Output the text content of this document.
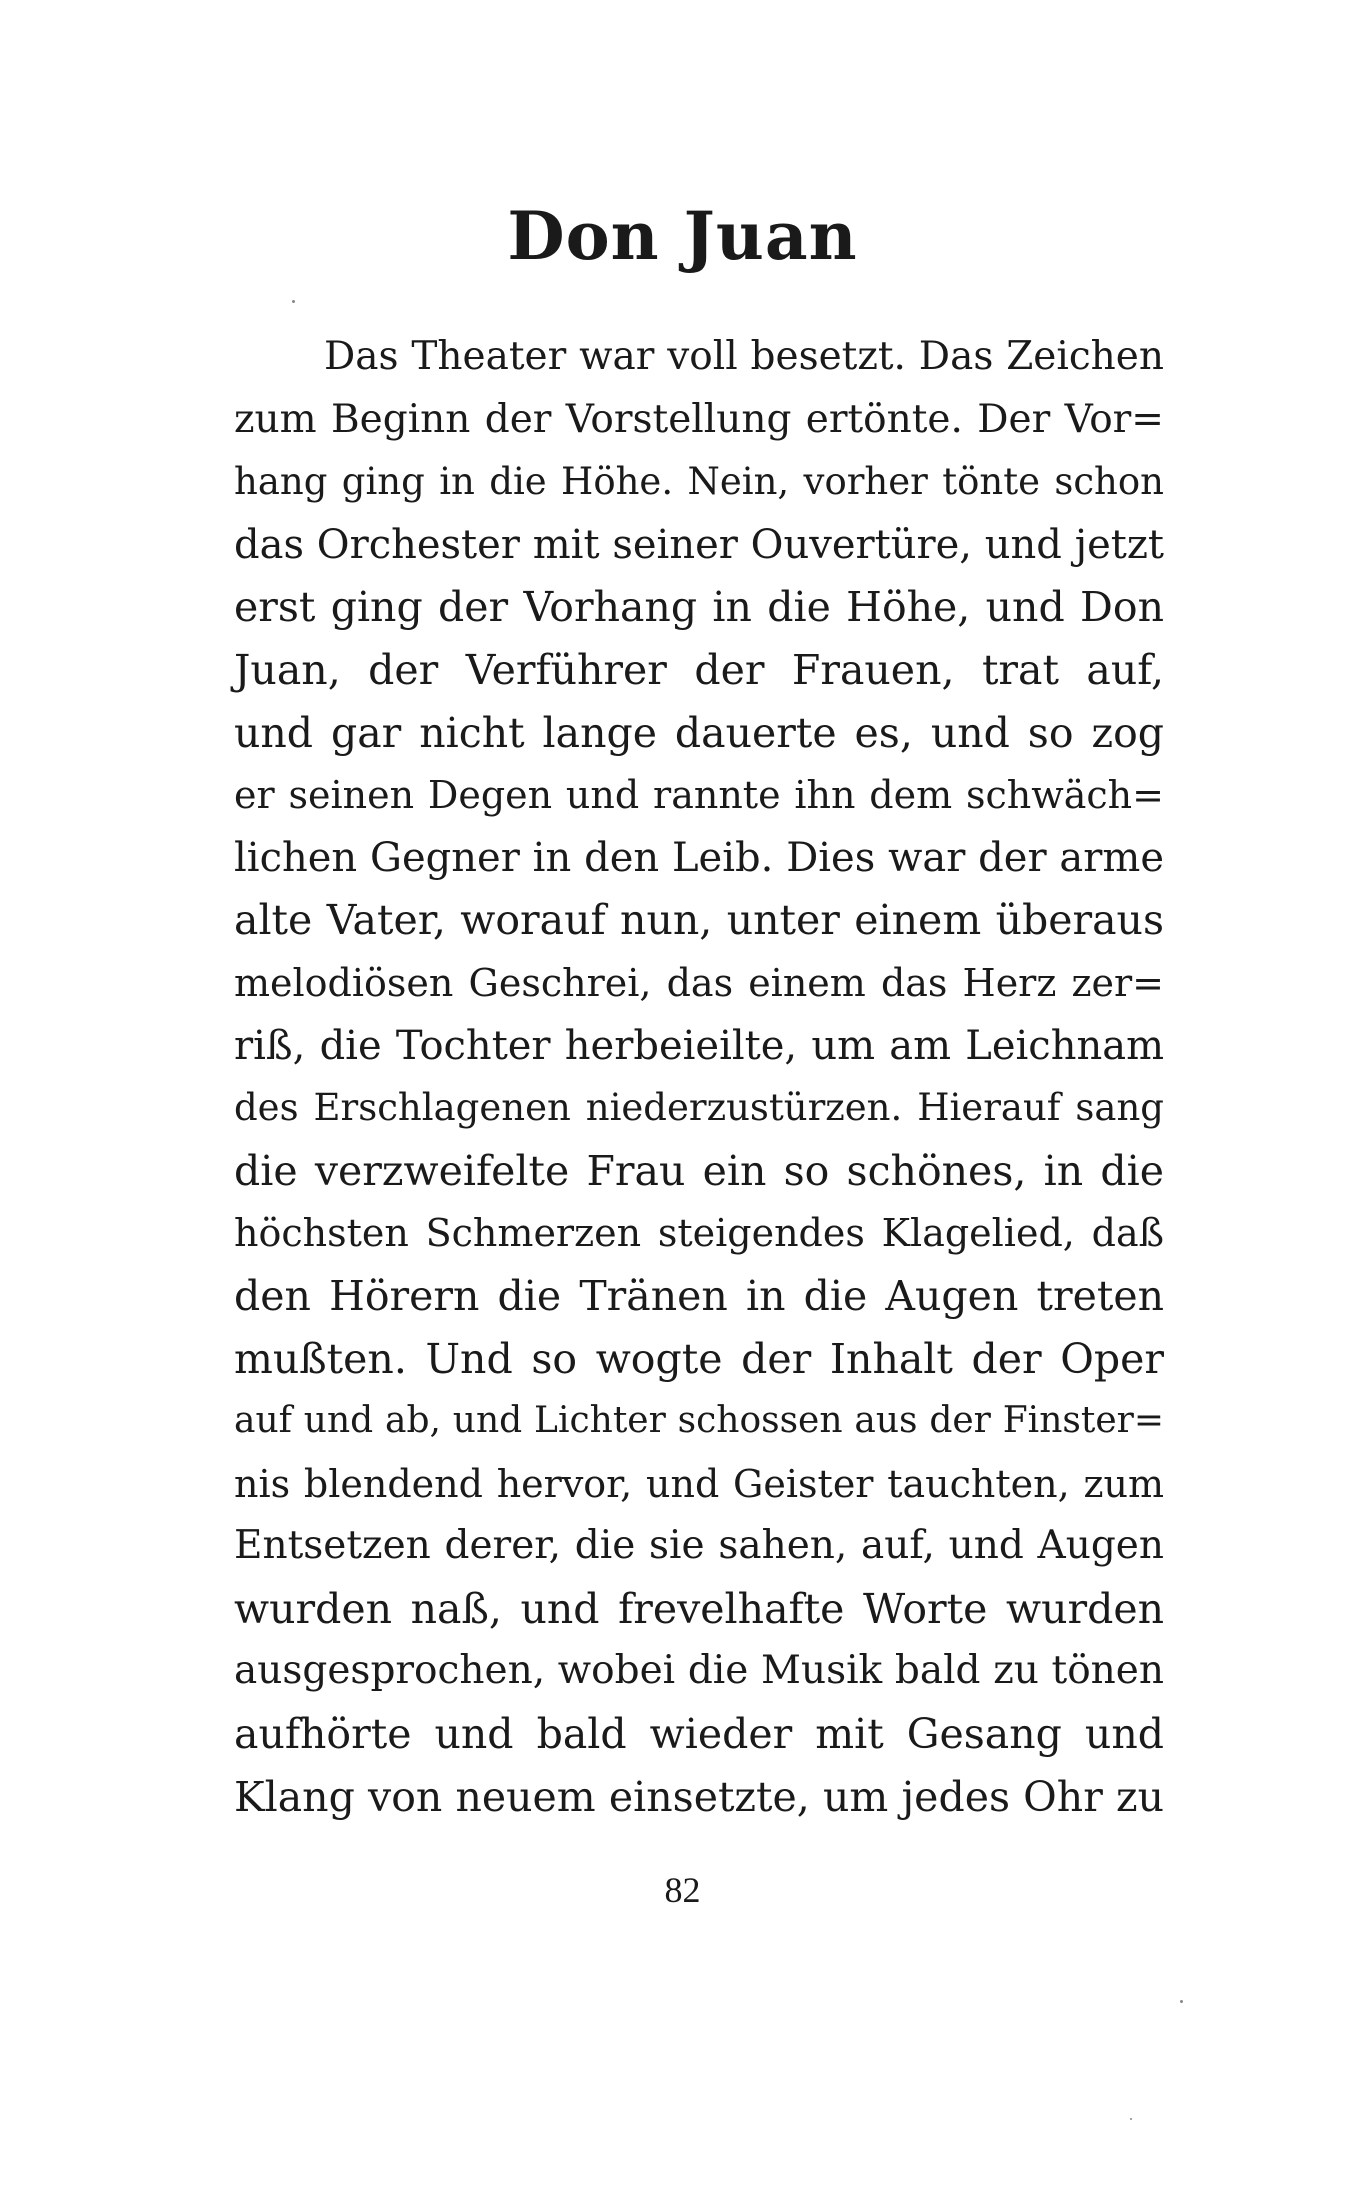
Don Juan
Das Theater war voll besetzt. Das Zeichen
zum Beginn der Vorstellung ertönte. Der Vor=
hang ging in die Höhe. Nein, vorher tönte schon
das Orchester mit seiner Ouvertüre, und jetzt
erst ging der Vorhang in die Höhe, und Don
Juan, der Verführer der Frauen, trat auf,
und gar nicht lange dauerte es, und so zog
er seinen Degen und rannte ihn dem schwäch=
lichen Gegner in den Leib. Dies war der arme
alte Vater, worauf nun, unter einem überaus
melodiösen Geschrei, das einem das Herz zer=
riß, die Tochter herbeieilte, um am Leichnam
des Erschlagenen niederzustürzen. Hierauf sang
die verzweifelte Frau ein so schönes, in die
höchsten Schmerzen steigendes Klagelied, daß
den Hörern die Tränen in die Augen treten
mußten. Und so wogte der Inhalt der Oper
auf und ab, und Lichter schossen aus der Finster=
nis blendend hervor, und Geister tauchten, zum
Entsetzen derer, die sie sahen, auf, und Augen
wurden naß, und frevelhafte Worte wurden
ausgesprochen, wobei die Musik bald zu tönen
aufhörte und bald wieder mit Gesang und
Klang von neuem einsetzte, um jedes Ohr zu
82
